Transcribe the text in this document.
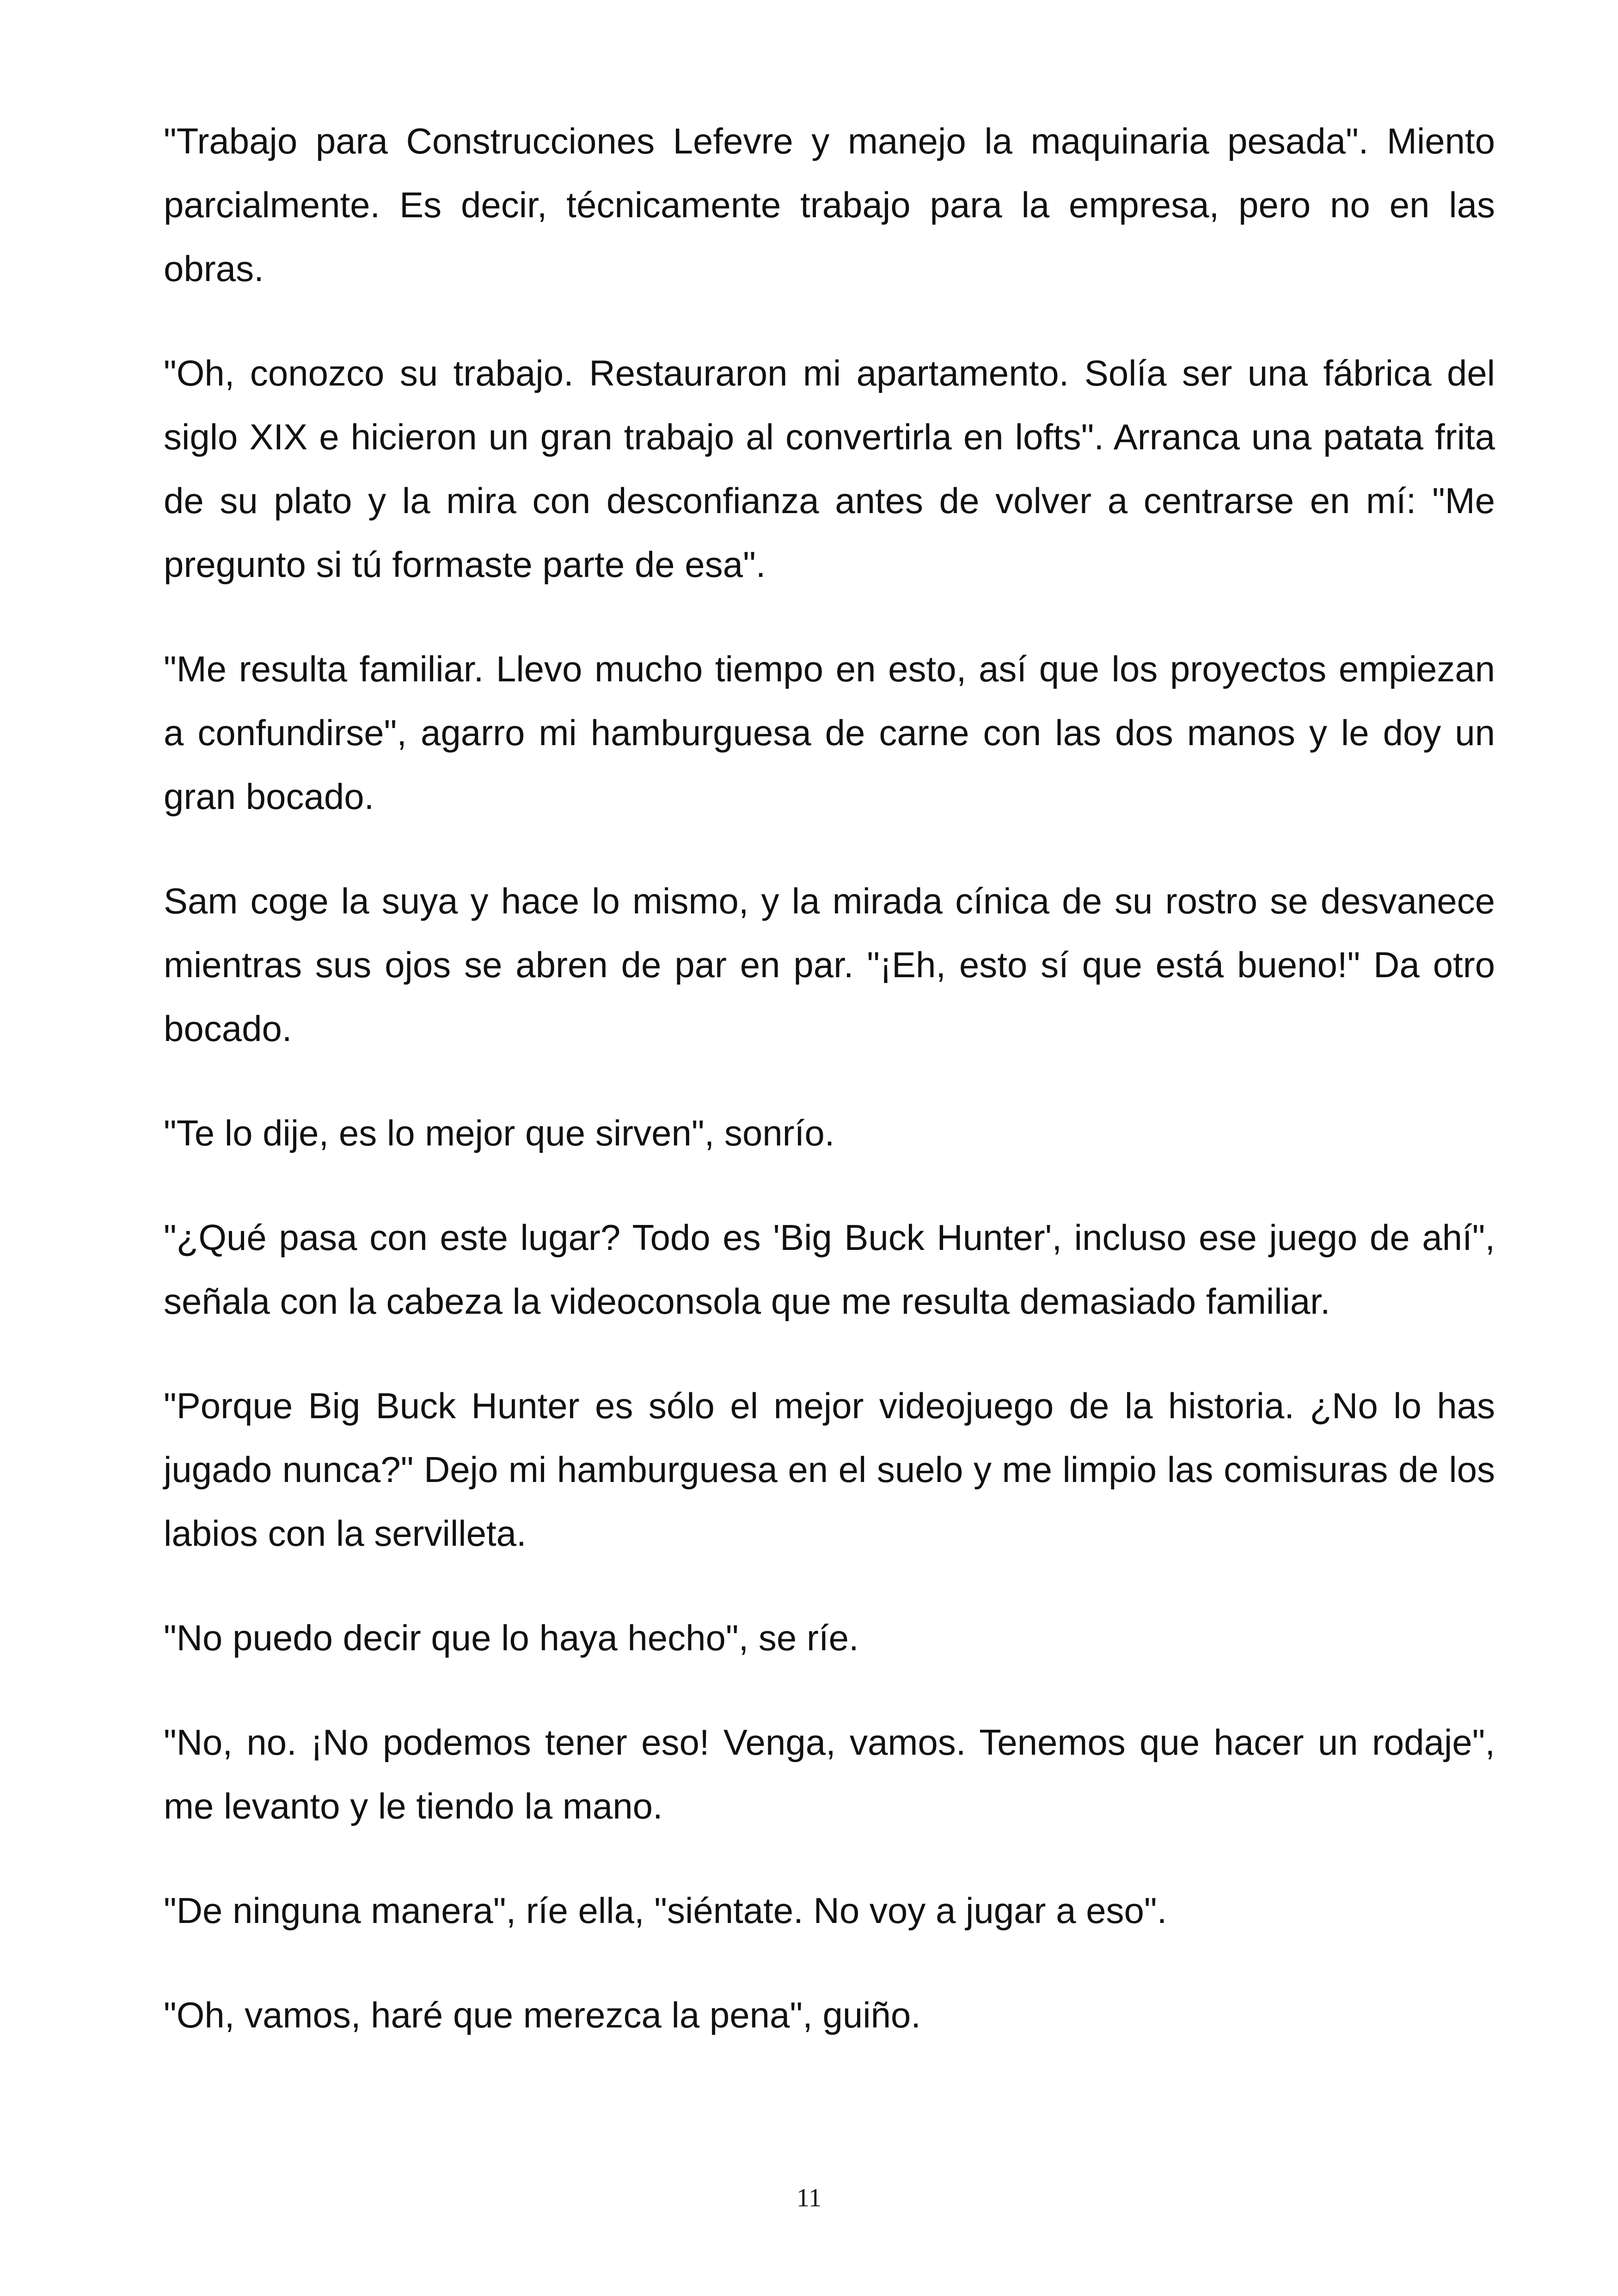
"Trabajo para Construcciones Lefevre y manejo la maquinaria pesada". Miento parcialmente. Es decir, técnicamente trabajo para la empresa, pero no en las obras.

"Oh, conozco su trabajo. Restauraron mi apartamento. Solía ser una fábrica del siglo XIX e hicieron un gran trabajo al convertirla en lofts". Arranca una patata frita de su plato y la mira con desconfianza antes de volver a centrarse en mí: "Me pregunto si tú formaste parte de esa".

"Me resulta familiar. Llevo mucho tiempo en esto, así que los proyectos empiezan a confundirse", agarro mi hamburguesa de carne con las dos manos y le doy un gran bocado.

Sam coge la suya y hace lo mismo, y la mirada cínica de su rostro se desvanece mientras sus ojos se abren de par en par. "¡Eh, esto sí que está bueno!" Da otro bocado.

"Te lo dije, es lo mejor que sirven", sonrío.

"¿Qué pasa con este lugar? Todo es 'Big Buck Hunter', incluso ese juego de ahí", señala con la cabeza la videoconsola que me resulta demasiado familiar.

"Porque Big Buck Hunter es sólo el mejor videojuego de la historia. ¿No lo has jugado nunca?" Dejo mi hamburguesa en el suelo y me limpio las comisuras de los labios con la servilleta.

"No puedo decir que lo haya hecho", se ríe.

"No, no. ¡No podemos tener eso! Venga, vamos. Tenemos que hacer un rodaje", me levanto y le tiendo la mano.

"De ninguna manera", ríe ella, "siéntate. No voy a jugar a eso".

"Oh, vamos, haré que merezca la pena", guiño.

11
